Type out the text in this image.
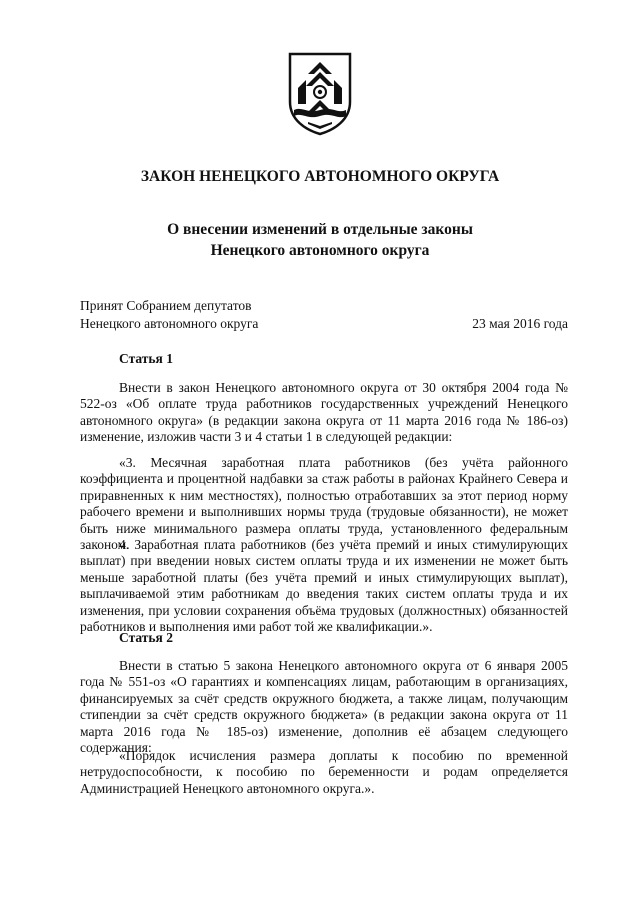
ЗАКОН НЕНЕЦКОГО АВТОНОМНОГО ОКРУГА
О внесении изменений в отдельные законы
Ненецкого автономного округа
Принят Собранием депутатов
Ненецкого автономного округа	23 мая 2016 года
Статья 1
Внести в закон Ненецкого автономного округа от 30 октября 2004 года № 522-оз «Об оплате труда работников государственных учреждений Ненецкого автономного округа» (в редакции закона округа от 11 марта 2016 года № 186-оз) изменение, изложив части 3 и 4 статьи 1 в следующей редакции:
«3. Месячная заработная плата работников (без учёта районного коэффициента и процентной надбавки за стаж работы в районах Крайнего Севера и приравненных к ним местностях), полностью отработавших за этот период норму рабочего времени и выполнивших нормы труда (трудовые обязанности), не может быть ниже минимального размера оплаты труда, установленного федеральным законом.
4. Заработная плата работников (без учёта премий и иных стимулирующих выплат) при введении новых систем оплаты труда и их изменении не может быть меньше заработной платы (без учёта премий и иных стимулирующих выплат), выплачиваемой этим работникам до введения таких систем оплаты труда и их изменения, при условии сохранения объёма трудовых (должностных) обязанностей работников и выполнения ими работ той же квалификации.».
Статья 2
Внести в статью 5 закона Ненецкого автономного округа от 6 января 2005 года № 551-оз «О гарантиях и компенсациях лицам, работающим в организациях, финансируемых за счёт средств окружного бюджета, а также лицам, получающим стипендии за счёт средств окружного бюджета» (в редакции закона округа от 11 марта 2016 года № 185-оз) изменение, дополнив её абзацем следующего содержания:
«Порядок исчисления размера доплаты к пособию по временной нетрудоспособности, к пособию по беременности и родам определяется Администрацией Ненецкого автономного округа.».
